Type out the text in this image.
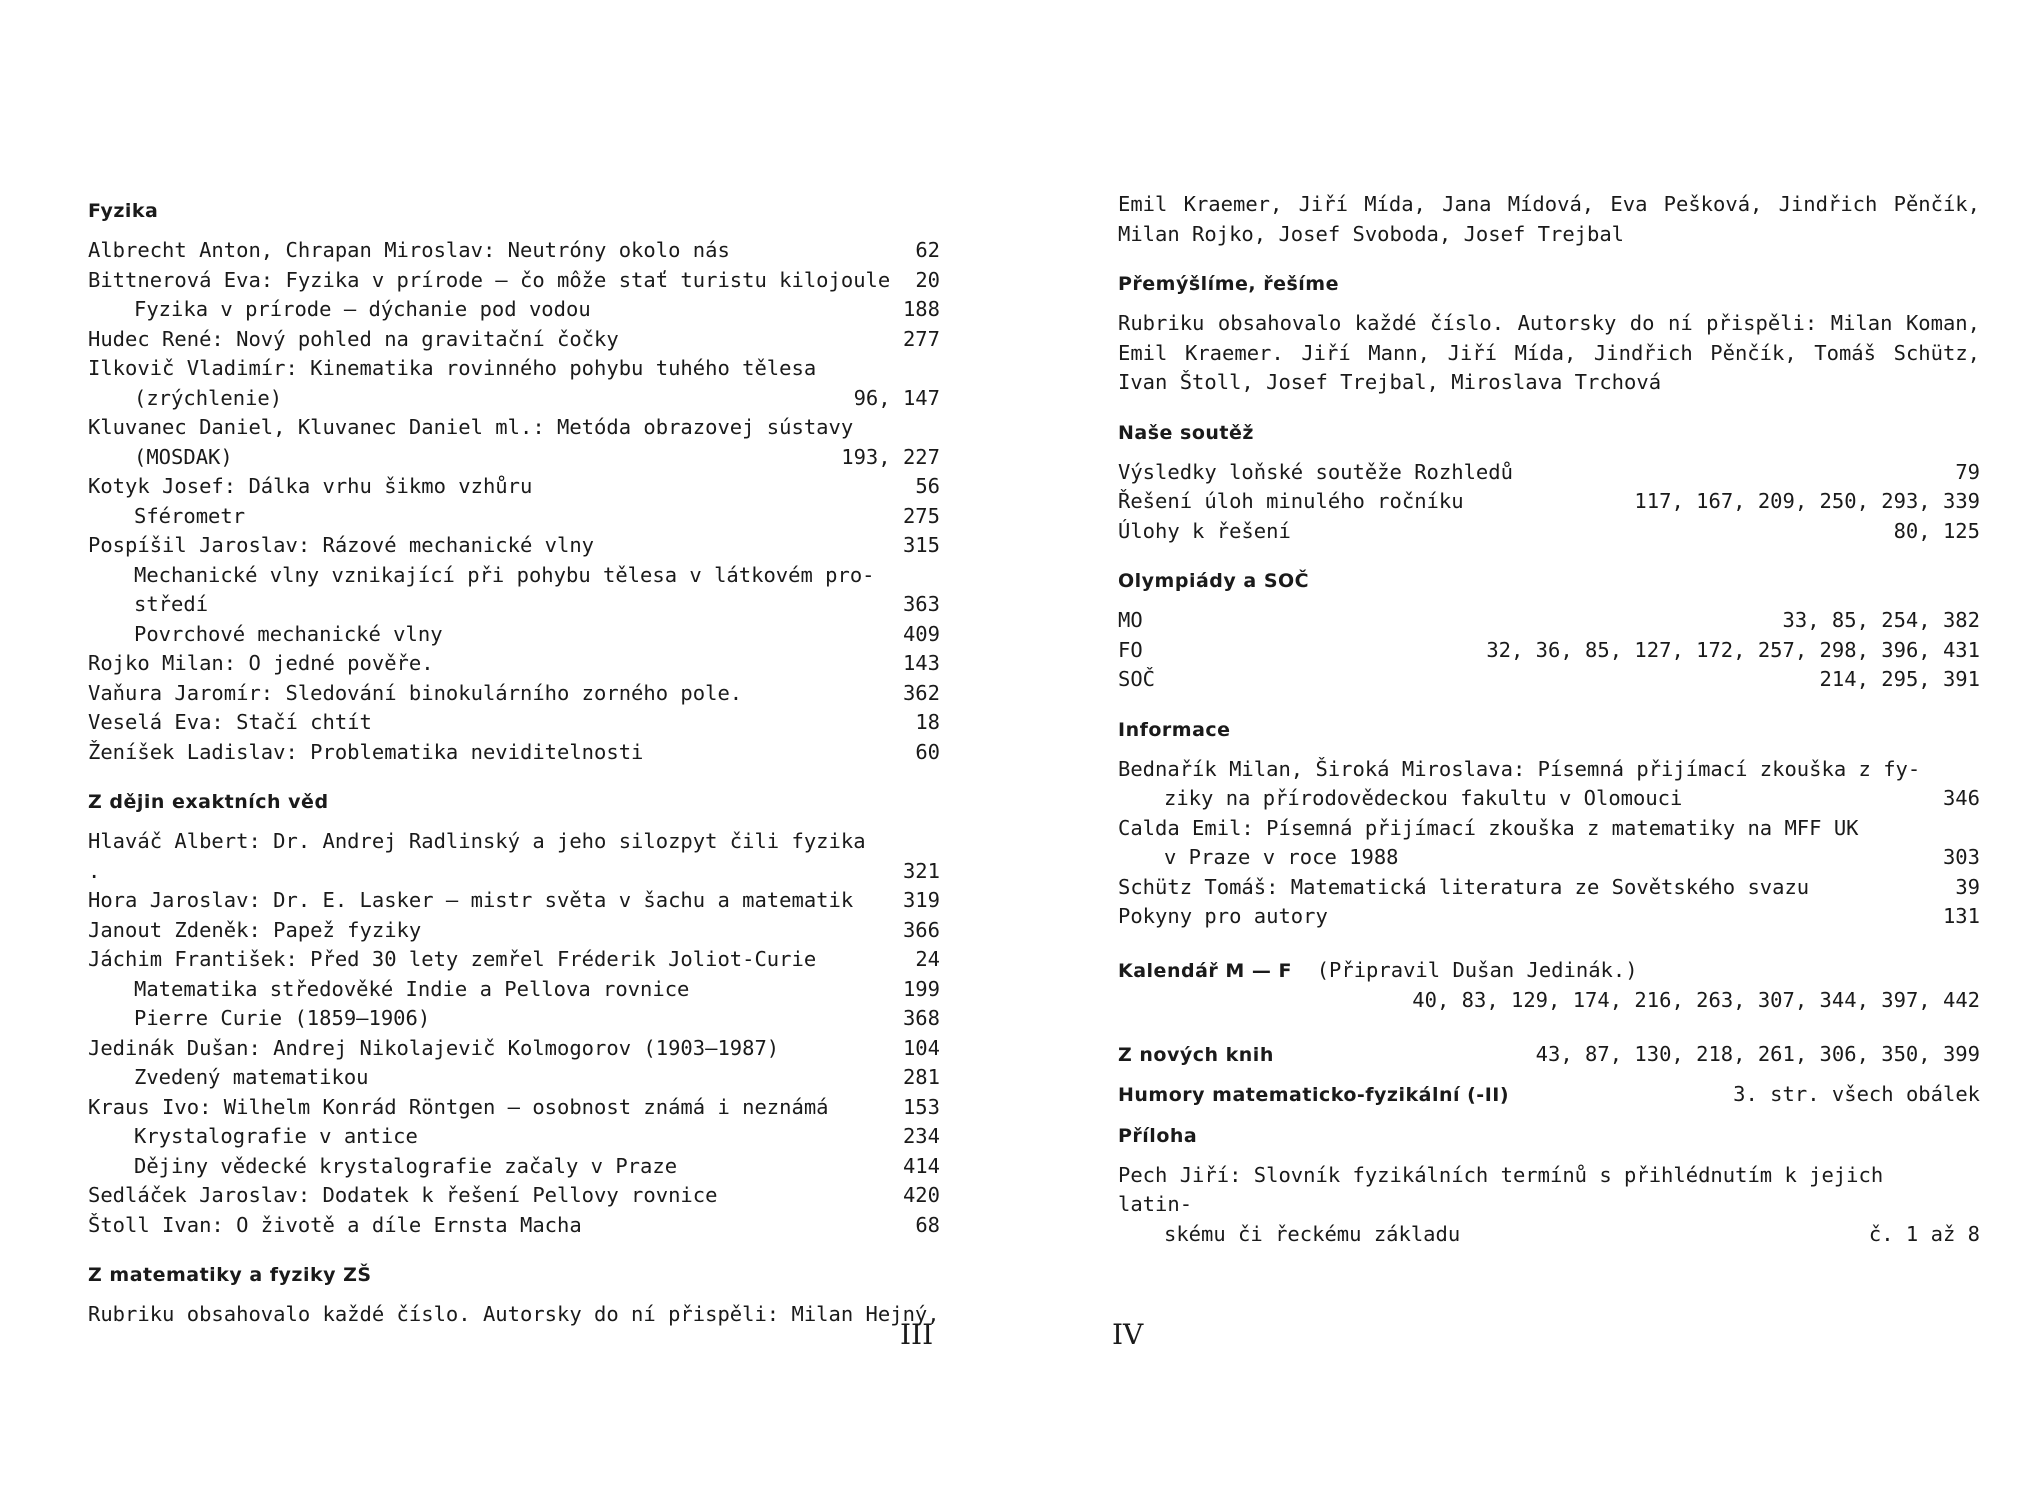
Fyzika
Albrecht Anton, Chrapan Miroslav: Neutróny okolo nás	62
Bittnerová Eva: Fyzika v prírode — čo môže stať turistu kilojoule	20
Fyzika v prírode — dýchanie pod vodou	188
Hudec René: Nový pohled na gravitační čočky	277
Ilkovič Vladimír: Kinematika rovinného pohybu tuhého tělesa
(zrýchlenie)	96, 147
Kluvanec Daniel, Kluvanec Daniel ml.: Metóda obrazovej sústavy
(MOSDAK)	193, 227
Kotyk Josef: Dálka vrhu šikmo vzhůru	56
Sférometr	275
Pospíšil Jaroslav: Rázové mechanické vlny	315
Mechanické vlny vznikající při pohybu tělesa v látkovém pro-
středí	363
Povrchové mechanické vlny	409
Rojko Milan: O jedné pověře.	143
Vaňura Jaromír: Sledování binokulárního zorného pole.	362
Veselá Eva: Stačí chtít	18
Ženíšek Ladislav: Problematika neviditelnosti	60
Z dějin exaktních věd
Hlaváč Albert: Dr. Andrej Radlinský a jeho silozpyt čili fyzika  .	321
Hora Jaroslav: Dr. E. Lasker — mistr světa v šachu a matematik	319
Janout Zdeněk: Papež fyziky	366
Jáchim František: Před 30 lety zemřel Fréderik Joliot-Curie	24
Matematika středověké Indie a Pellova rovnice	199
Pierre Curie (1859—1906)	368
Jedinák Dušan: Andrej Nikolajevič Kolmogorov (1903—1987)	104
Zvedený matematikou	281
Kraus Ivo: Wilhelm Konrád Röntgen — osobnost známá i neznámá	153
Krystalografie v antice	234
Dějiny vědecké krystalografie začaly v Praze	414
Sedláček Jaroslav: Dodatek k řešení Pellovy rovnice	420
Štoll Ivan: O životě a díle Ernsta Macha	68
Z matematiky a fyziky ZŠ
Rubriku obsahovalo každé číslo. Autorsky do ní přispěli: Milan Hejný,
III
Emil Kraemer, Jiří Mída, Jana Mídová, Eva Pešková, Jindřich Pěnčík, Milan Rojko, Josef Svoboda, Josef Trejbal
Přemýšlíme, řešíme
Rubriku obsahovalo každé číslo. Autorsky do ní přispěli: Milan Koman, Emil Kraemer. Jiří Mann, Jiří Mída, Jindřich Pěnčík, Tomáš Schütz, Ivan Štoll, Josef Trejbal, Miroslava Trchová
Naše soutěž
Výsledky loňské soutěže Rozhledů	79
Řešení úloh minulého ročníku	117, 167, 209, 250, 293, 339
Úlohy k řešení	80, 125
Olympiády a SOČ
MO	33, 85, 254, 382
FO	32, 36, 85, 127, 172, 257, 298, 396, 431
SOČ	214, 295, 391
Informace
Bednařík Milan, Široká Miroslava: Písemná přijímací zkouška z fy-
ziky na přírodovědeckou fakultu v Olomouci	346
Calda Emil: Písemná přijímací zkouška z matematiky na MFF UK
v Praze v roce 1988	303
Schütz Tomáš: Matematická literatura ze Sovětského svazu	39
Pokyny pro autory	131
Kalendář M — F (Připravil Dušan Jedinák.)
40, 83, 129, 174, 216, 263, 307, 344, 397, 442
Z nových knih	43, 87, 130, 218, 261, 306, 350, 399
Humory matematicko-fyzikální (-II)	3. str. všech obálek
Příloha
Pech Jiří: Slovník fyzikálních termínů s přihlédnutím k jejich latin-
skému či řeckému základu	č. 1 až 8
IV
